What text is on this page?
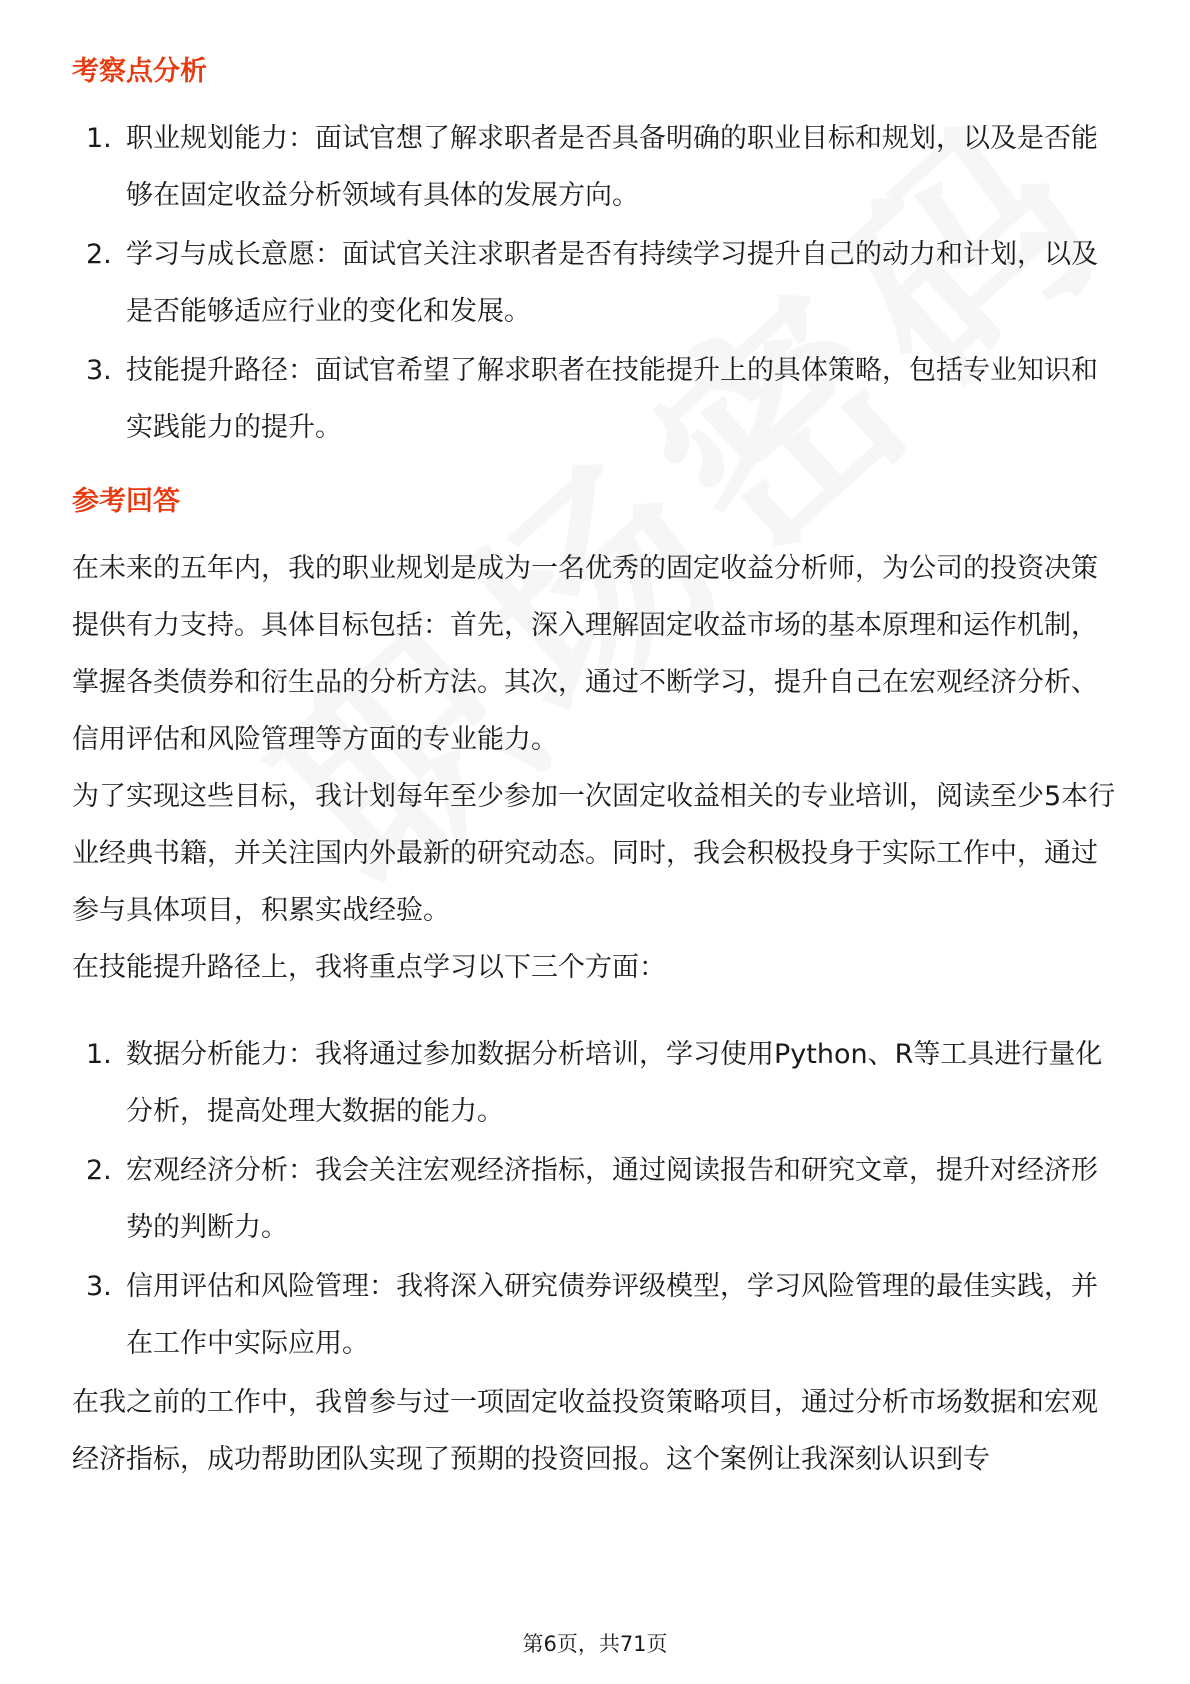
考察点分析
1. 职业规划能力：面试官想了解求职者是否具备明确的职业目标和规划，以及是否能够在固定收益分析领域有具体的发展方向。
2. 学习与成长意愿：面试官关注求职者是否有持续学习提升自己的动力和计划，以及是否能够适应行业的变化和发展。
3. 技能提升路径：面试官希望了解求职者在技能提升上的具体策略，包括专业知识和实践能力的提升。
参考回答

在未来的五年内，我的职业规划是成为一名优秀的固定收益分析师，为公司的投资决策提供有力支持。具体目标包括：首先，深入理解固定收益市场的基本原理和运作机制，掌握各类债券和衍生品的分析方法。其次，通过不断学习，提升自己在宏观经济分析、信用评估和风险管理等方面的专业能力。

为了实现这些目标，我计划每年至少参加一次固定收益相关的专业培训，阅读至少5本行业经典书籍，并关注国内外最新的研究动态。同时，我会积极投身于实际工作中，通过参与具体项目，积累实战经验。

在技能提升路径上，我将重点学习以下三个方面：

1. 数据分析能力：我将通过参加数据分析培训，学习使用Python、R等工具进行量化分析，提高处理大数据的能力。
2. 宏观经济分析：我会关注宏观经济指标，通过阅读报告和研究文章，提升对经济形势的判断力。
3. 信用评估和风险管理：我将深入研究债券评级模型，学习风险管理的最佳实践，并在工作中实际应用。

在我之前的工作中，我曾参与过一项固定收益投资策略项目，通过分析市场数据和宏观经济指标，成功帮助团队实现了预期的投资回报。这个案例让我深刻认识到专

第6页，共71页
